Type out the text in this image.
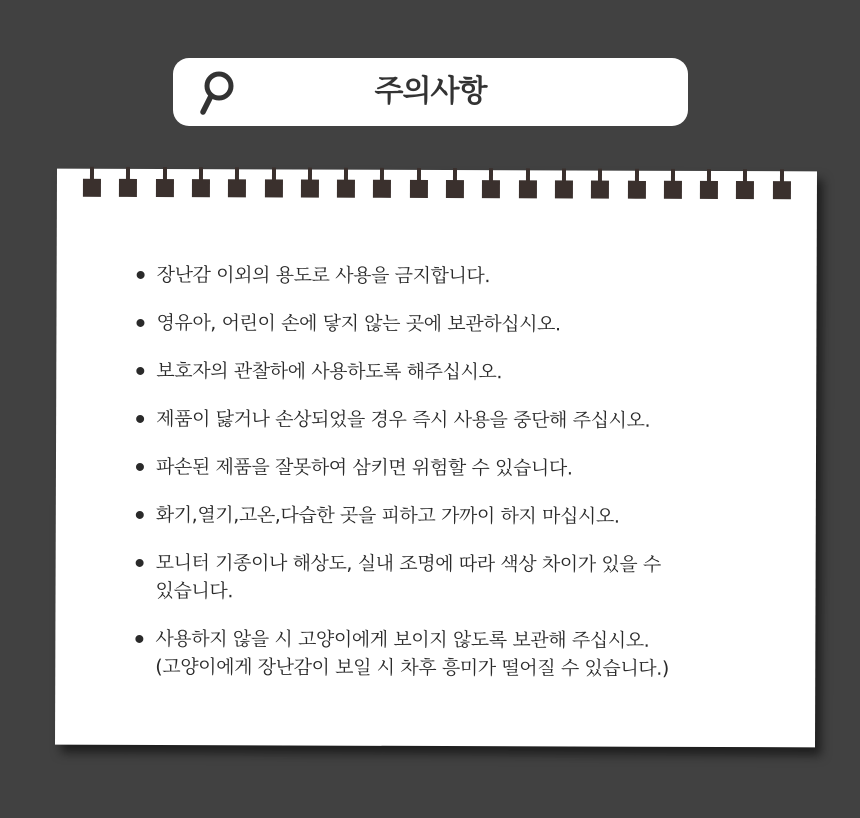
주의사항
장난감 이외의 용도로 사용을 금지합니다.
영유아, 어린이 손에 닿지 않는 곳에 보관하십시오.
보호자의 관찰하에 사용하도록 해주십시오.
제품이 닳거나 손상되었을 경우 즉시 사용을 중단해 주십시오.
파손된 제품을 잘못하여 삼키면 위험할 수 있습니다.
화기,열기,고온,다습한 곳을 피하고 가까이 하지 마십시오.
모니터 기종이나 해상도, 실내 조명에 따라 색상 차이가 있을 수
있습니다.
사용하지 않을 시 고양이에게 보이지 않도록 보관해 주십시오.
(고양이에게 장난감이 보일 시 차후 흥미가 떨어질 수 있습니다.)
